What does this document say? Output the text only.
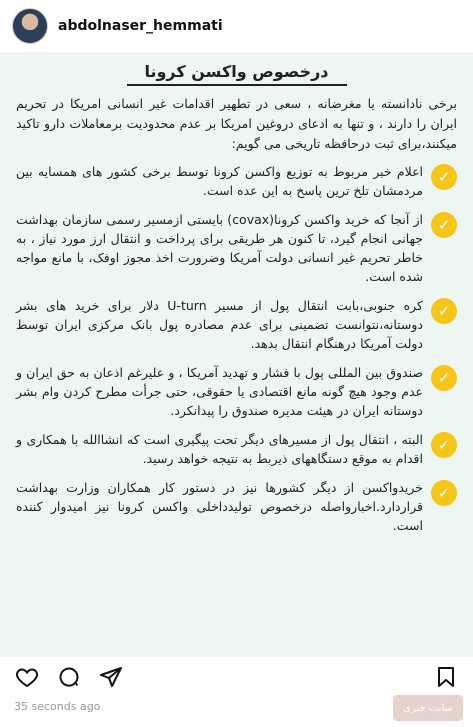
abdolnaser_hemmati
درخصوص واکسن کرونا

برخی نادانسته یا مغرضانه ، سعی در تطهیر اقدامات غیر انسانی امریکا در تحریم ایران را دارند ، و تنها به ادعای دروغین امریکا بر عدم محدودیت برمعاملات دارو تاکید میکنند،برای ثبت درحافظه تاریخی می گویم:

✓
اعلام خبر مربوط به توزیع واکسن کرونا توسط برخی کشور های همسایه بین مردمشان تلخ ترین پاسخ به این عده است.
✓
از آنجا که خرید واکسن کرونا(covax) بایستی ازمسیر رسمی سازمان بهداشت جهانی انجام گیرد، تا کنون هر طریقی برای پرداخت و انتقال ارز مورد نیاز ، به خاطر تحریم غیر انسانی دولت آمریکا وضرورت اخذ مجوز اوفک، با مانع مواجه شده است.
✓
کره جنوبی،بابت انتقال پول از مسیر U-turn دلار برای خرید های بشر دوستانه،نتوانست تضمینی برای عدم مصادره پول بانک مرکزی ایران توسط دولت آمریکا درهنگام انتقال بدهد.
✓
صندوق بین المللی پول با فشار و تهدید آمریکا ، و علیرغم اذعان به حق ایران و عدم وجود هیچ گونه مانع اقتصادی یا حقوقی، حتی جرأت مطرح کردن وام بشر دوستانه ایران در هیئت مدیره صندوق را پیدانکرد.
✓
البته ، انتقال پول از مسیرهای دیگر تحت پیگیری است که انشاالله با همکاری و اقدام به موقع دستگاههای ذیربط به نتیجه خواهد رسید.
✓
خریدواکسن از دیگر کشورها نیز در دستور کار همکاران وزارت بهداشت قراردارد.اخبارواصله درخصوص تولیدداخلی واکسن کرونا نیز امیدوار کننده است.
35 seconds ago	سایت خبری
